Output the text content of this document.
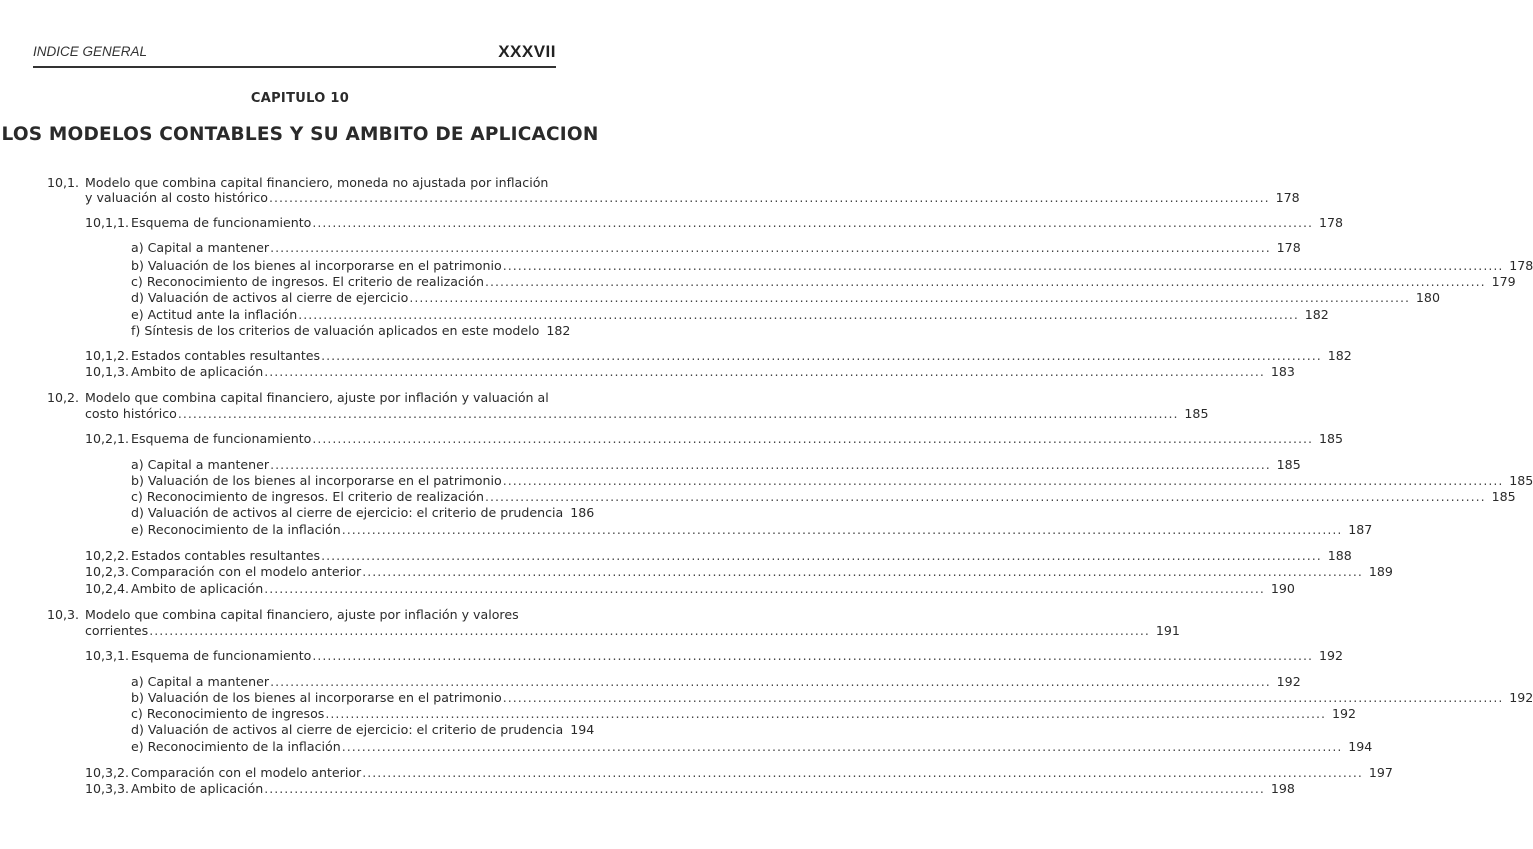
INDICE GENERAL	XXXVII
CAPITULO 10
LOS MODELOS CONTABLES Y SU AMBITO DE APLICACION
10,1. Modelo que combina capital financiero, moneda no ajustada por inflación
y valuación al costo histórico ........................................................................................................................................................................................................ 178
10,1,1. Esquema de funcionamiento ........................................................................................................................................................................................................ 178
a) Capital a mantener ........................................................................................................................................................................................................ 178
b) Valuación de los bienes al incorporarse en el patrimonio ........................................................................................................................................................................................................ 178
c) Reconocimiento de ingresos. El criterio de realización ........................................................................................................................................................................................................ 179
d) Valuación de activos al cierre de ejercicio ........................................................................................................................................................................................................ 180
e) Actitud ante la inflación ........................................................................................................................................................................................................ 182
f) Síntesis de los criterios de valuación aplicados en este modelo 182
10,1,2. Estados contables resultantes ........................................................................................................................................................................................................ 182
10,1,3. Ambito de aplicación ........................................................................................................................................................................................................ 183
10,2. Modelo que combina capital financiero, ajuste por inflación y valuación al
costo histórico ........................................................................................................................................................................................................ 185
10,2,1. Esquema de funcionamiento ........................................................................................................................................................................................................ 185
a) Capital a mantener ........................................................................................................................................................................................................ 185
b) Valuación de los bienes al incorporarse en el patrimonio ........................................................................................................................................................................................................ 185
c) Reconocimiento de ingresos. El criterio de realización ........................................................................................................................................................................................................ 185
d) Valuación de activos al cierre de ejercicio: el criterio de prudencia 186
e) Reconocimiento de la inflación ........................................................................................................................................................................................................ 187
10,2,2. Estados contables resultantes ........................................................................................................................................................................................................ 188
10,2,3. Comparación con el modelo anterior ........................................................................................................................................................................................................ 189
10,2,4. Ambito de aplicación ........................................................................................................................................................................................................ 190
10,3. Modelo que combina capital financiero, ajuste por inflación y valores
corrientes ........................................................................................................................................................................................................ 191
10,3,1. Esquema de funcionamiento ........................................................................................................................................................................................................ 192
a) Capital a mantener ........................................................................................................................................................................................................ 192
b) Valuación de los bienes al incorporarse en el patrimonio ........................................................................................................................................................................................................ 192
c) Reconocimiento de ingresos ........................................................................................................................................................................................................ 192
d) Valuación de activos al cierre de ejercicio: el criterio de prudencia 194
e) Reconocimiento de la inflación ........................................................................................................................................................................................................ 194
10,3,2. Comparación con el modelo anterior ........................................................................................................................................................................................................ 197
10,3,3. Ambito de aplicación ........................................................................................................................................................................................................ 198
